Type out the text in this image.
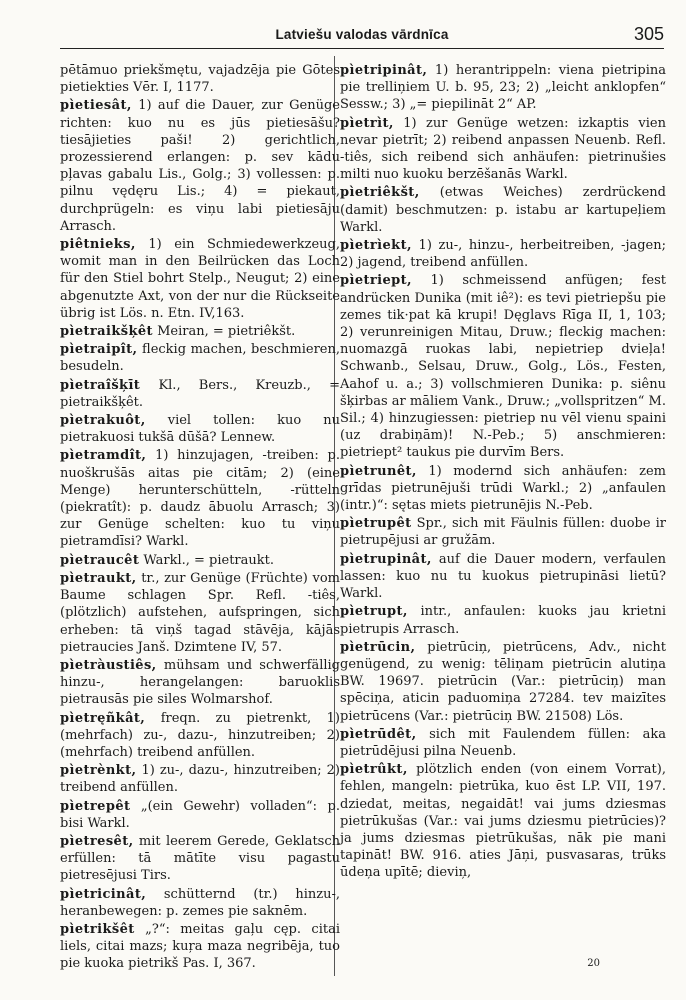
Latviešu valodas vārdnīca	305

pētāmuo priekšmętu, vajadzēja pie Gōtes pietiekties Vēr. I, 1177.

pìetiesât, 1) auf die Dauer, zur Genüge richten: kuo nu es jūs pietiesāšu? tiesājieties paši! 2) gerichtlich, prozessierend erlangen: p. sev kādu pļavas gabalu Lis., Golg.; 3) vollessen: p. pilnu vędęru Lis.; 4) = piekaut, durchprügeln: es viņu labi pietiesāju Arrasch.

piêtnieks, 1) ein Schmiedewerkzeug, womit man in den Beilrücken das Loch für den Stiel bohrt Stelp., Neugut; 2) eine abgenutzte Axt, von der nur die Rückseite übrig ist Lös. n. Etn. IV,163.

pìetraikšķêt Meiran, = pietriêkšt.

pìetraipît, fleckig machen, beschmieren, besudeln.

pìetraîšķīt Kl., Bers., Kreuzb., = pietraikšķêt.

pìetrakuôt, viel tollen: kuo nu pietrakuosi tukšā dūšā? Lennew.

pìetramdît, 1) hinzujagen, -treiben: p. nuoškrušās aitas pie citām; 2) (eine Menge) herunterschütteln, -rütteln (piekratît): p. daudz ābuolu Arrasch; 3) zur Genüge schelten: kuo tu viņu pietramdīsi? Warkl.

pìetraucêt Warkl., = pietraukt.

pìetraukt, tr., zur Genüge (Früchte) vom Baume schlagen Spr. Refl. -tiês, (plötzlich) aufstehen, aufspringen, sich erheben: tā viņš tagad stāvēja, kājās pietraucies Janš. Dzimtene IV, 57.

pìetràustiês, mühsam und schwerfällig hinzu-, herangelangen: baruoklis pietrausās pie siles Wolmarshof.

pìetręñkât, freqn. zu pietrenkt, 1) (mehrfach) zu-, dazu-, hinzutreiben; 2) (mehrfach) treibend anfüllen.

pìetrènkt, 1) zu-, dazu-, hinzutreiben; 2) treibend anfüllen.

pìetrepêt „(ein Gewehr) volladen“: p. bisi Warkl.

pìetresêt, mit leerem Gerede, Geklatsch erfüllen: tā mātīte visu pagastu pietresējusi Tirs.

pìetricinât, schütternd (tr.) hinzu-, heranbewegen: p. zemes pie saknēm.

pìetrikšêt „?“: meitas gaļu cęp. citai liels, citai mazs; kuŗa maza negribēja, tuo pie kuoka pietrikš Pas. I, 367.

pìetripinât, 1) herantrippeln: viena pietripina pie trelliņiem U. b. 95, 23; 2) „leicht anklopfen“ Sessw.; 3) „= piepilināt 2“ AP.

pìetrìt, 1) zur Genüge wetzen: izkaptis vien nevar pietrīt; 2) reibend anpassen Neuenb. Refl. -tiês, sich reibend sich anhäufen: pietrinušies milti nuo kuoku berzēšanās Warkl.

pìetriêkšt, (etwas Weiches) zerdrückend (damit) beschmutzen: p. istabu ar kartupeļiem Warkl.

pìetrìekt, 1) zu-, hinzu-, herbeitreiben, -jagen; 2) jagend, treibend anfüllen.

pìetriept, 1) schmeissend anfügen; fest andrücken Dunika (mit iê²): es tevi pietriepšu pie zemes tik·pat kā krupi! Dęglavs Rīga II, 1, 103; 2) verunreinigen Mitau, Druw.; fleckig machen: nuomazgā ruokas labi, nepietriep dvieļa! Schwanb., Selsau, Druw., Golg., Lös., Festen, Aahof u. a.; 3) vollschmieren Dunika: p. siênu šķirbas ar māliem Vank., Druw.; „vollspritzen“ M. Sil.; 4) hinzugiessen: pietriep nu vēl vienu spaini (uz drabiņām)! N.-Peb.; 5) anschmieren: pietriept² taukus pie durvīm Bers.

pìetrunêt, 1) modernd sich anhäufen: zem grīdas pietrunējuši trūdi Warkl.; 2) „anfaulen (intr.)“: sętas miets pietrunējis N.-Peb.

pìetrupêt Spr., sich mit Fäulnis füllen: duobe ir pietrupējusi ar gružām.

pìetrupinât, auf die Dauer modern, verfaulen lassen: kuo nu tu kuokus pietrupināsi lietū? Warkl.

pìetrupt, intr., anfaulen: kuoks jau krietni pietrupis Arrasch.

pìetrūcin, pietrūciņ, pietrūcens, Adv., nicht genügend, zu wenig: tēliņam pietrūcin alutiņa BW. 19697. pietrūcin (Var.: pietrūciņ) man spēciņa, aticin paduomiņa 27284. tev maizītes pietrūcens (Var.: pietrūciņ BW. 21508) Lös.

pìetrūdêt, sich mit Faulendem füllen: aka pietrūdējusi pilna Neuenb.

pìetrûkt, plötzlich enden (von einem Vorrat), fehlen, mangeln: pietrūka, kuo ēst LP. VII, 197. dziedat, meitas, negaidāt! vai jums dziesmas pietrūkušas (Var.: vai jums dziesmu pietrūcies)? ja jums dziesmas pietrūkušas, nāk pie mani tapināt! BW. 916. aties Jāņi, pusvasaras, trūks ūdeņa upītē; dieviņ,

20
